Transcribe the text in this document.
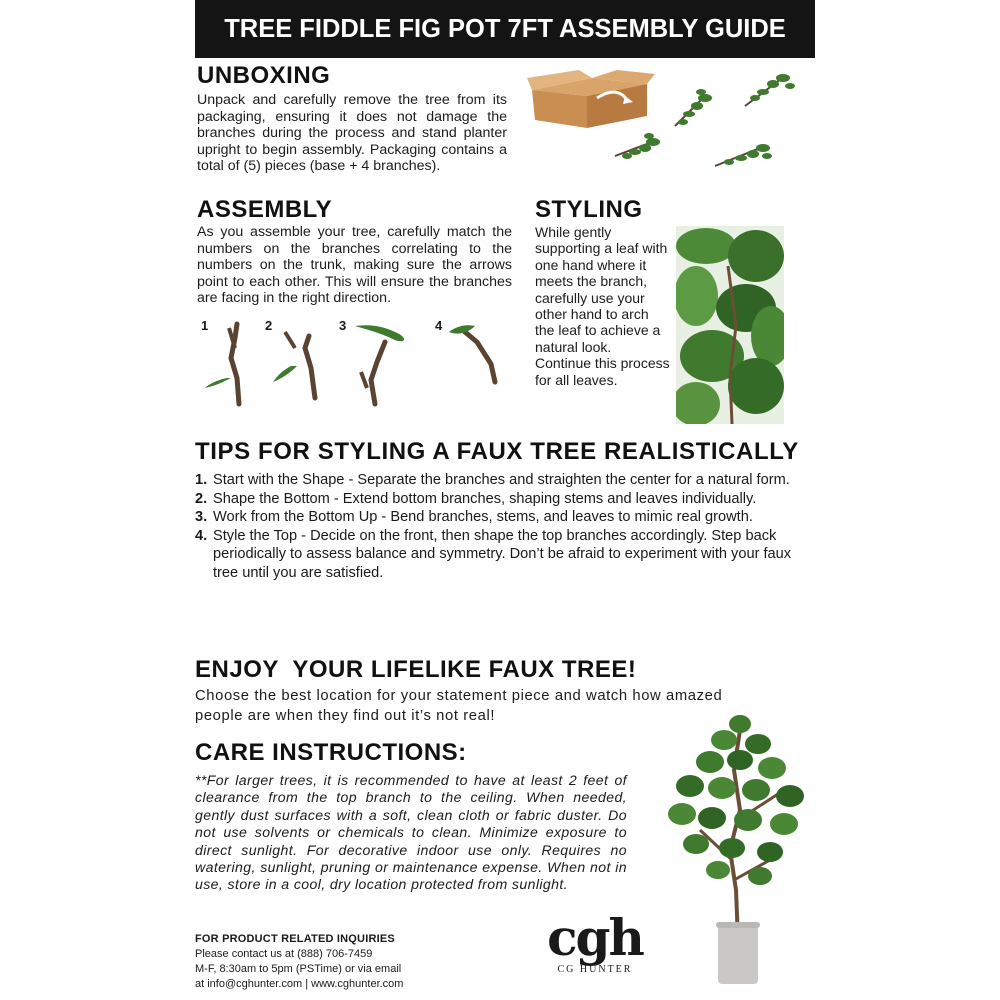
TREE FIDDLE FIG POT 7FT ASSEMBLY GUIDE
UNBOXING
Unpack and carefully remove the tree from its packaging, ensuring it does not damage the branches during the process and stand planter upright to begin assembly. Packaging contains a total of (5) pieces (base + 4 branches).
ASSEMBLY
As you assemble your tree, carefully match the numbers on the branches correlating to the numbers on the trunk, making sure the arrows point to each other. This will ensure the branches are facing in the right direction.
1	2	3	4
STYLING
While gently supporting a leaf with one hand where it meets the branch, carefully use your other hand to arch the leaf to achieve a natural look. Continue this process for all leaves.
TIPS FOR STYLING A FAUX TREE REALISTICALLY
1. Start with the Shape - Separate the branches and straighten the center for a natural form.
2. Shape the Bottom - Extend bottom branches, shaping stems and leaves individually.
3. Work from the Bottom Up - Bend branches, stems, and leaves to mimic real growth.
4. Style the Top - Decide on the front, then shape the top branches accordingly. Step back periodically to assess balance and symmetry. Don’t be afraid to experiment with your faux tree until you are satisfied.
ENJOY  YOUR LIFELIKE FAUX TREE!
Choose the best location for your statement piece and watch how amazed people are when they find out it’s not real!
CARE INSTRUCTIONS:
**For larger trees, it is recommended to have at least 2 feet of clearance from the top branch to the ceiling. When needed, gently dust surfaces with a soft, clean cloth or fabric duster. Do not use solvents or chemicals to clean. Minimize exposure to direct sunlight. For decorative indoor use only. Requires no watering, sunlight, pruning or maintenance expense. When not in use, store in a cool, dry location protected from sunlight.
FOR PRODUCT RELATED INQUIRIES
Please contact us at (888) 706-7459
M-F, 8:30am to 5pm (PSTime) or via email
at info@cghunter.com | www.cghunter.com
cgh
CG HUNTER
